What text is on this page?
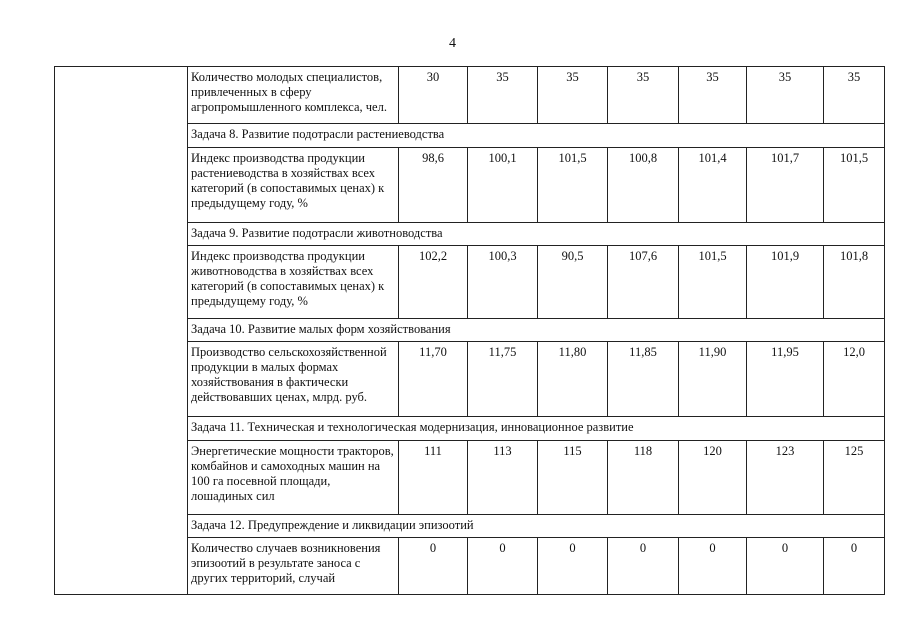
4
	Количество молодых специалистов, привлеченных в сферу агропромышленного комплекса, чел.	30	35	35	35	35	35	35
	Задача 8. Развитие подотрасли растениеводства							
	Индекс производства продукции растениеводства в хозяйствах всех категорий (в сопоставимых ценах) к предыдущему году, %	98,6	100,1	101,5	100,8	101,4	101,7	101,5
	Задача 9. Развитие подотрасли животноводства							
	Индекс производства продукции животноводства в хозяйствах всех категорий (в сопоставимых ценах) к предыдущему году, %	102,2	100,3	90,5	107,6	101,5	101,9	101,8
	Задача 10. Развитие малых форм хозяйствования							
	Производство сельскохозяйственной продукции в малых формах хозяйствования в фактически действовавших ценах, млрд. руб.	11,70	11,75	11,80	11,85	11,90	11,95	12,0
	Задача 11. Техническая и технологическая модернизация, инновационное развитие							
	Энергетические мощности тракторов, комбайнов и самоходных машин на 100 га посевной площади, лошадиных сил	111	113	115	118	120	123	125
	Задача 12. Предупреждение и ликвидации эпизоотий							
	Количество случаев возникновения эпизоотий в результате заноса с других территорий, случай	0	0	0	0	0	0	0
